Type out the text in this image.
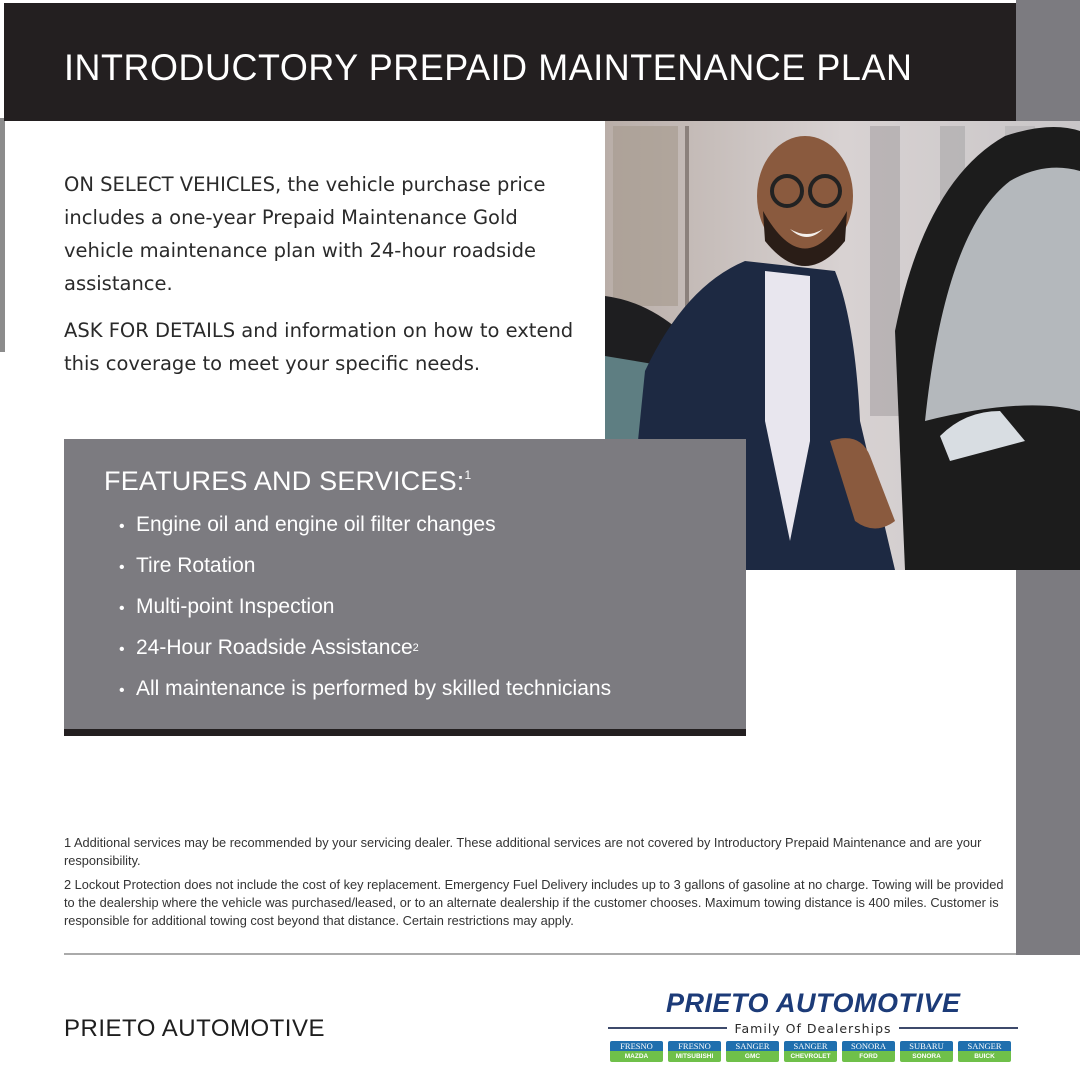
INTRODUCTORY PREPAID MAINTENANCE PLAN

ON SELECT VEHICLES, the vehicle purchase price includes a one-year Prepaid Maintenance Gold vehicle maintenance plan with 24-hour roadside assistance.

ASK FOR DETAILS and information on how to extend this coverage to meet your specific needs.

FEATURES AND SERVICES:$^1$
• Engine oil and engine oil filter changes
• Tire Rotation
• Multi-point Inspection
• 24-Hour Roadside Assistance$^2$
• All maintenance is performed by skilled technicians

1 Additional services may be recommended by your servicing dealer. These additional services are not covered by Introductory Prepaid Maintenance and are your responsibility.

2 Lockout Protection does not include the cost of key replacement. Emergency Fuel Delivery includes up to 3 gallons of gasoline at no charge. Towing will be provided to the dealership where the vehicle was purchased/leased, or to an alternate dealership if the customer chooses. Maximum towing distance is 400 miles. Customer is responsible for additional towing cost beyond that distance. Certain restrictions may apply.

PRIETO AUTOMOTIVE
PRIETO AUTOMOTIVE
Family Of Dealerships
FRESNO
MAZDA
FRESNO
MITSUBISHI
SANGER
GMC
SANGER
CHEVROLET
SONORA
FORD
SUBARU
SONORA
SANGER
BUICK
